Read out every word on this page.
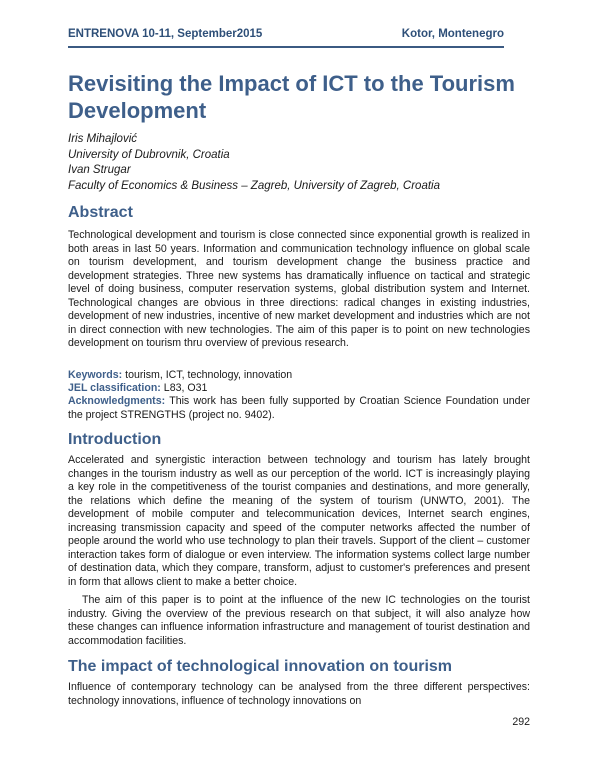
ENTRENOVA 10-11, September2015	Kotor, Montenegro
Revisiting the Impact of ICT to the Tourism Development
Iris Mihajlović
University of Dubrovnik, Croatia
Ivan Strugar
Faculty of Economics & Business – Zagreb, University of Zagreb, Croatia
Abstract

Technological development and tourism is close connected since exponential growth is realized in both areas in last 50 years. Information and communication technology influence on global scale on tourism development, and tourism development change the business practice and development strategies. Three new systems has dramatically influence on tactical and strategic level of doing business, computer reservation systems, global distribution system and Internet. Technological changes are obvious in three directions: radical changes in existing industries, development of new industries, incentive of new market development and industries which are not in direct connection with new technologies. The aim of this paper is to point on new technologies development on tourism thru overview of previous research.

Keywords: tourism, ICT, technology, innovation

JEL classification: L83, O31

Acknowledgments: This work has been fully supported by Croatian Science Foundation under the project STRENGTHS (project no. 9402).

Introduction

Accelerated and synergistic interaction between technology and tourism has lately brought changes in the tourism industry as well as our perception of the world. ICT is increasingly playing a key role in the competitiveness of the tourist companies and destinations, and more generally, the relations which define the meaning of the system of tourism (UNWTO, 2001). The development of mobile computer and telecommunication devices, Internet search engines, increasing transmission capacity and speed of the computer networks affected the number of people around the world who use technology to plan their travels. Support of the client – customer interaction takes form of dialogue or even interview. The information systems collect large number of destination data, which they compare, transform, adjust to customer's preferences and present in form that allows client to make a better choice.

The aim of this paper is to point at the influence of the new IC technologies on the tourist industry. Giving the overview of the previous research on that subject, it will also analyze how these changes can influence information infrastructure and management of tourist destination and accommodation facilities.

The impact of technological innovation on tourism

Influence of contemporary technology can be analysed from the three different perspectives: technology innovations, influence of technology innovations on

292
